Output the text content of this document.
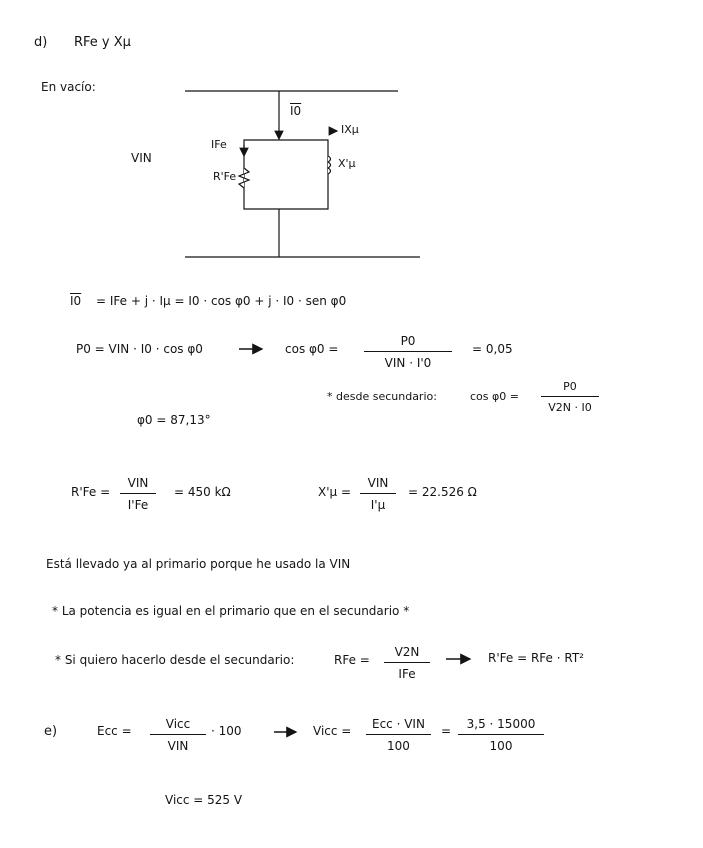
d) RFe y Xμ
En vacío:
VIN
I0
IFe
IXμ
R'Fe
X'μ
I0 = IFe + j · Iμ = I0 · cos φ0 + j · I0 · sen φ0
P0 = VIN · I0 · cos φ0	cos φ0 =
P0
VIN · I'0
= 0,05
* desde secundario:	cos φ0 =
P0
V2N · I0
φ0 = 87,13°
R'Fe =
VIN
I'Fe
= 450 kΩ	X'μ =
VIN
I'μ
= 22.526 Ω
Está llevado ya al primario porque he usado la VIN
* La potencia es igual en el primario que en el secundario *
* Si quiero hacerlo desde el secundario:	RFe =
V2N
IFe
R'Fe = RFe · RT²
e)	Ecc =	Vicc
VIN
· 100	Vicc =	Ecc · VIN
100
=	3,5 · 15000
100
Vicc = 525 V
